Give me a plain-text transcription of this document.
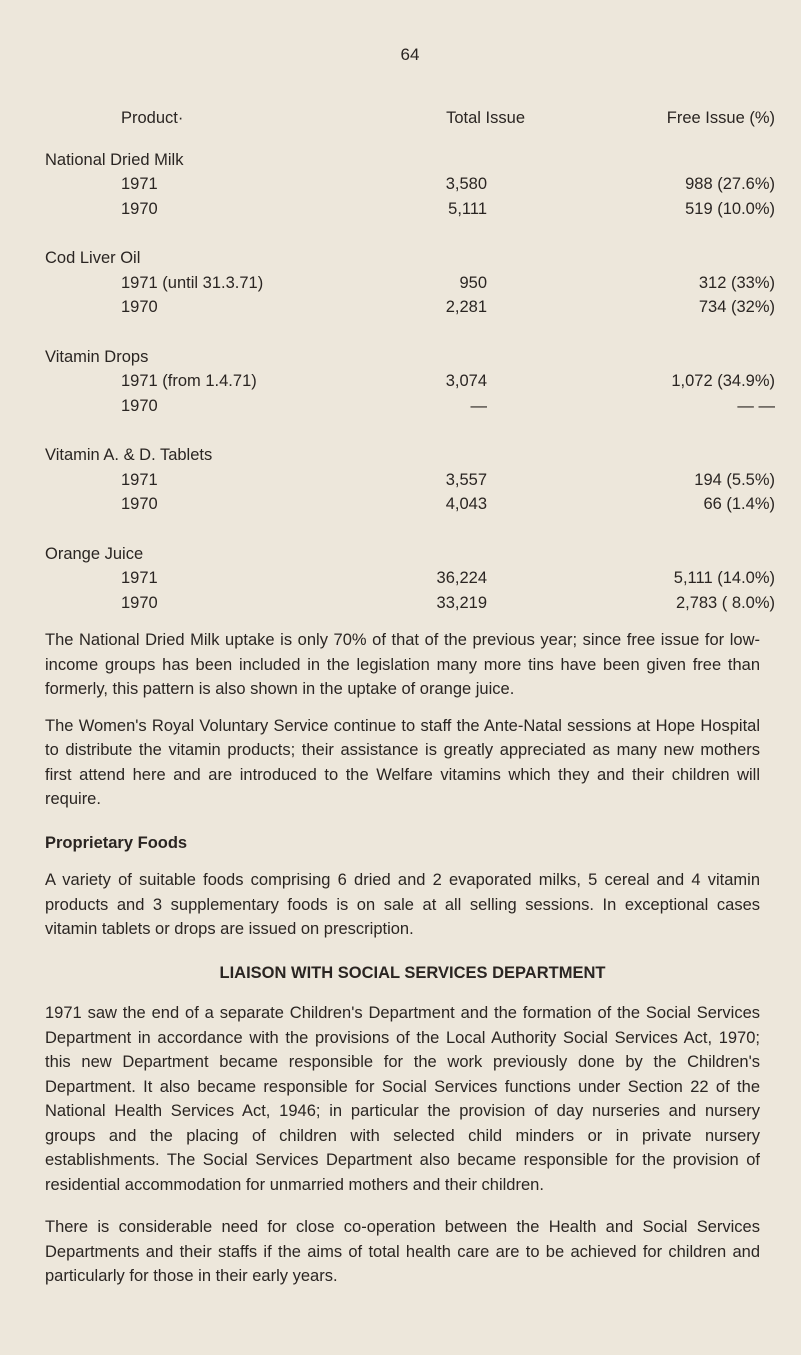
64
Product·	Total Issue	Free Issue (%)
National Dried Milk
1971	3,580	988 (27.6%)
1970	5,111	519 (10.0%)
Cod Liver Oil
1971 (until 31.3.71)	950	312 (33%)
1970	2,281	734 (32%)
Vitamin Drops
1971 (from 1.4.71)	3,074	1,072 (34.9%)
1970	—	— —
Vitamin A. & D. Tablets
1971	3,557	194 (5.5%)
1970	4,043	66 (1.4%)
Orange Juice
1971	36,224	5,111 (14.0%)
1970	33,219	2,783 ( 8.0%)

The National Dried Milk uptake is only 70% of that of the previous year; since free issue for low-income groups has been included in the legislation many more tins have been given free than formerly, this pattern is also shown in the uptake of orange juice.

The Women's Royal Voluntary Service continue to staff the Ante-Natal sessions at Hope Hospital to distribute the vitamin products; their assistance is greatly appreciated as many new mothers first attend here and are introduced to the Welfare vitamins which they and their children will require.

Proprietary Foods

A variety of suitable foods comprising 6 dried and 2 evaporated milks, 5 cereal and 4 vitamin products and 3 supplementary foods is on sale at all selling sessions. In exceptional cases vitamin tablets or drops are issued on prescription.

LIAISON WITH SOCIAL SERVICES DEPARTMENT

1971 saw the end of a separate Children's Department and the formation of the Social Services Department in accordance with the provisions of the Local Authority Social Services Act, 1970; this new Department became responsible for the work previously done by the Children's Department. It also became responsible for Social Services functions under Section 22 of the National Health Services Act, 1946; in particular the provision of day nurseries and nursery groups and the placing of children with selected child minders or in private nursery establishments. The Social Services Department also became responsible for the provision of residential accommodation for unmarried mothers and their children.

There is considerable need for close co-operation between the Health and Social Services Departments and their staffs if the aims of total health care are to be achieved for children and particularly for those in their early years.
